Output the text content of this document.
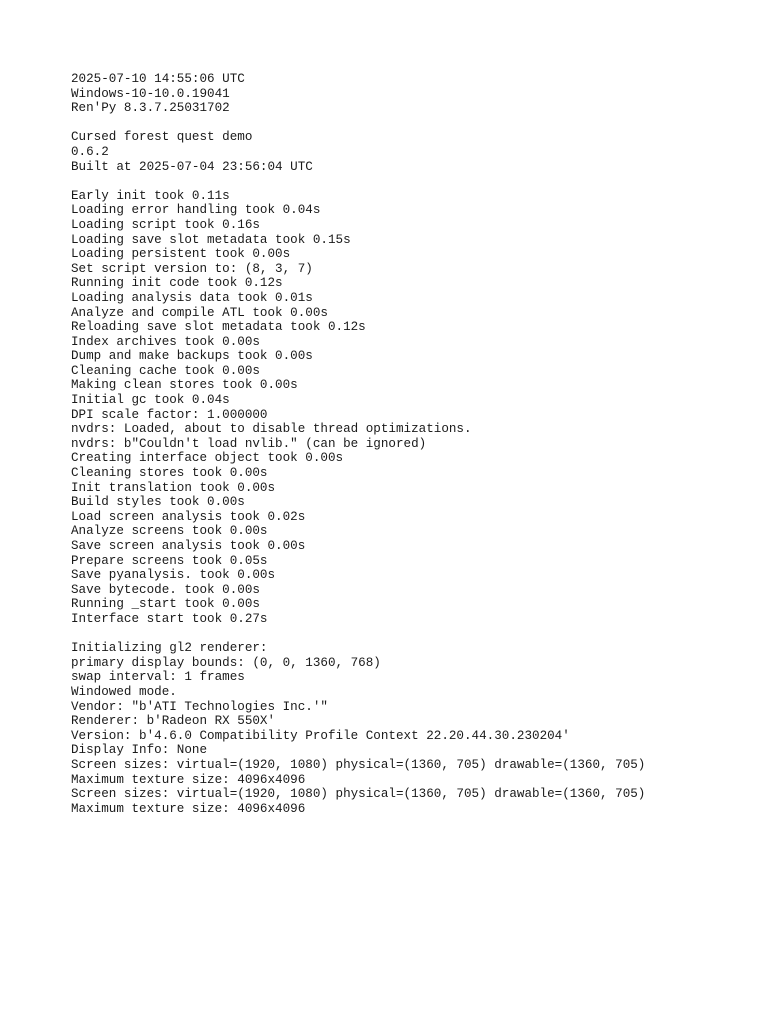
2025-07-10 14:55:06 UTC
Windows-10-10.0.19041
Ren'Py 8.3.7.25031702
Cursed forest quest demo
0.6.2
Built at 2025-07-04 23:56:04 UTC
Early init took 0.11s
Loading error handling took 0.04s
Loading script took 0.16s
Loading save slot metadata took 0.15s
Loading persistent took 0.00s
Set script version to: (8, 3, 7)
Running init code took 0.12s
Loading analysis data took 0.01s
Analyze and compile ATL took 0.00s
Reloading save slot metadata took 0.12s
Index archives took 0.00s
Dump and make backups took 0.00s
Cleaning cache took 0.00s
Making clean stores took 0.00s
Initial gc took 0.04s
DPI scale factor: 1.000000
nvdrs: Loaded, about to disable thread optimizations.
nvdrs: b"Couldn't load nvlib." (can be ignored)
Creating interface object took 0.00s
Cleaning stores took 0.00s
Init translation took 0.00s
Build styles took 0.00s
Load screen analysis took 0.02s
Analyze screens took 0.00s
Save screen analysis took 0.00s
Prepare screens took 0.05s
Save pyanalysis. took 0.00s
Save bytecode. took 0.00s
Running _start took 0.00s
Interface start took 0.27s
Initializing gl2 renderer:
primary display bounds: (0, 0, 1360, 768)
swap interval: 1 frames
Windowed mode.
Vendor: "b'ATI Technologies Inc.'"
Renderer: b'Radeon RX 550X'
Version: b'4.6.0 Compatibility Profile Context 22.20.44.30.230204'
Display Info: None
Screen sizes: virtual=(1920, 1080) physical=(1360, 705) drawable=(1360, 705)
Maximum texture size: 4096x4096
Screen sizes: virtual=(1920, 1080) physical=(1360, 705) drawable=(1360, 705)
Maximum texture size: 4096x4096
